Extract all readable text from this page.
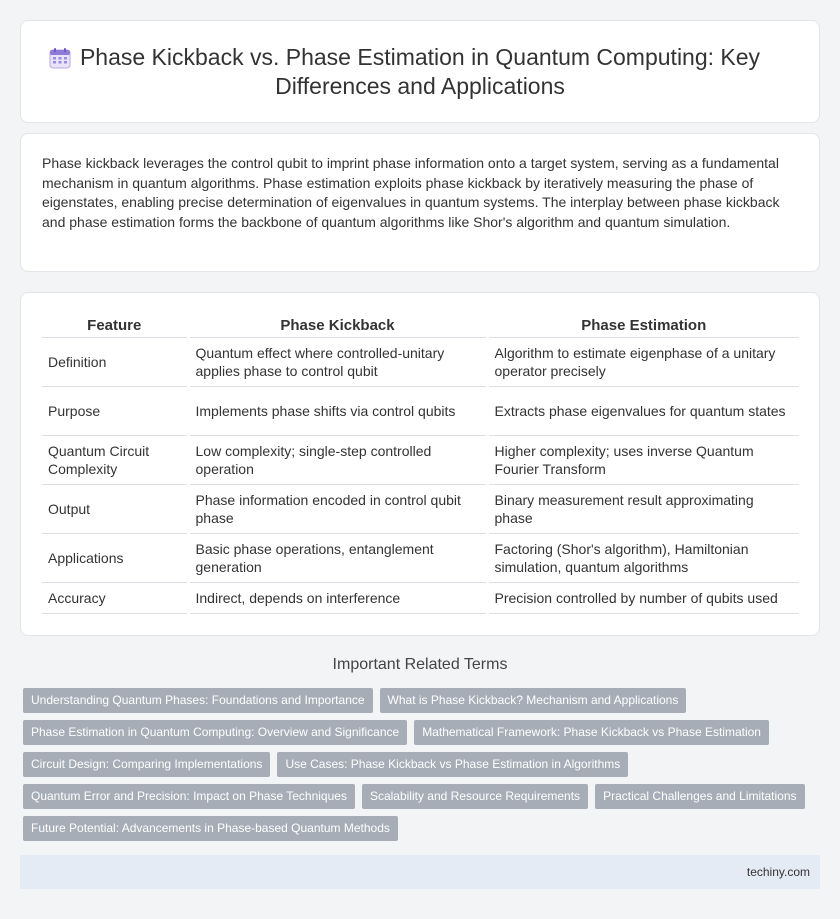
Phase Kickback vs. Phase Estimation in Quantum Computing: Key Differences and Applications

Phase kickback leverages the control qubit to imprint phase information onto a target system, serving as a fundamental mechanism in quantum algorithms. Phase estimation exploits phase kickback by iteratively measuring the phase of eigenstates, enabling precise determination of eigenvalues in quantum systems. The interplay between phase kickback and phase estimation forms the backbone of quantum algorithms like Shor's algorithm and quantum simulation.

Feature	Phase Kickback	Phase Estimation
Definition	Quantum effect where controlled-unitary applies phase to control qubit	Algorithm to estimate eigenphase of a unitary operator precisely
Purpose	Implements phase shifts via control qubits	Extracts phase eigenvalues for quantum states
Quantum Circuit Complexity	Low complexity; single-step controlled operation	Higher complexity; uses inverse Quantum Fourier Transform
Output	Phase information encoded in control qubit phase	Binary measurement result approximating phase
Applications	Basic phase operations, entanglement generation	Factoring (Shor's algorithm), Hamiltonian simulation, quantum algorithms
Accuracy	Indirect, depends on interference	Precision controlled by number of qubits used
Important Related Terms
Understanding Quantum Phases: Foundations and Importance	What is Phase Kickback? Mechanism and Applications
Phase Estimation in Quantum Computing: Overview and Significance	Mathematical Framework: Phase Kickback vs Phase Estimation
Circuit Design: Comparing Implementations	Use Cases: Phase Kickback vs Phase Estimation in Algorithms
Quantum Error and Precision: Impact on Phase Techniques	Scalability and Resource Requirements	Practical Challenges and Limitations
Future Potential: Advancements in Phase-based Quantum Methods
techiny.com
